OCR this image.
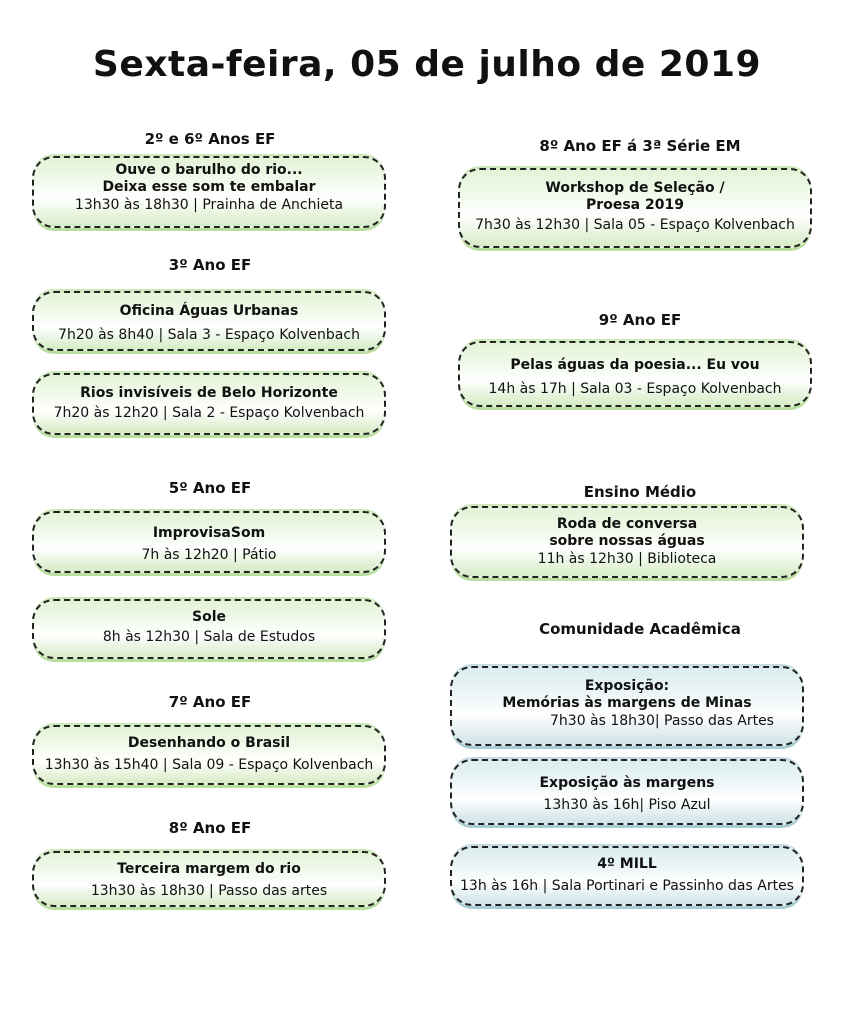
Sexta-feira, 05 de julho de 2019
2º e 6º Anos EF
3º Ano EF
5º Ano EF
7º Ano EF
8º Ano EF
8º Ano EF á 3ª Série EM
9º Ano EF
Ensino Médio
Comunidade Acadêmica
Ouve o barulho do rio...
Deixa esse som te embalar
13h30 às 18h30 | Prainha de Anchieta
Oficina Águas Urbanas
7h20 às 8h40 | Sala 3 - Espaço Kolvenbach
Rios invisíveis de Belo Horizonte
7h20 às 12h20 | Sala 2 - Espaço Kolvenbach
ImprovisaSom
7h às 12h20 | Pátio
Sole
8h às 12h30 | Sala de Estudos
Desenhando o Brasil
13h30 às 15h40 | Sala 09 - Espaço Kolvenbach
Terceira margem do rio
13h30 às 18h30 | Passo das artes
Workshop de Seleção /
Proesa 2019
7h30 às 12h30 | Sala 05 - Espaço Kolvenbach
Pelas águas da poesia... Eu vou
14h às 17h | Sala 03 - Espaço Kolvenbach
Roda de conversa
sobre nossas águas
11h às 12h30 | Biblioteca
Exposição:
Memórias às margens de Minas
7h30 às 18h30| Passo das Artes
Exposição às margens
13h30 às 16h| Piso Azul
4º MILL
13h às 16h | Sala Portinari e Passinho das Artes
